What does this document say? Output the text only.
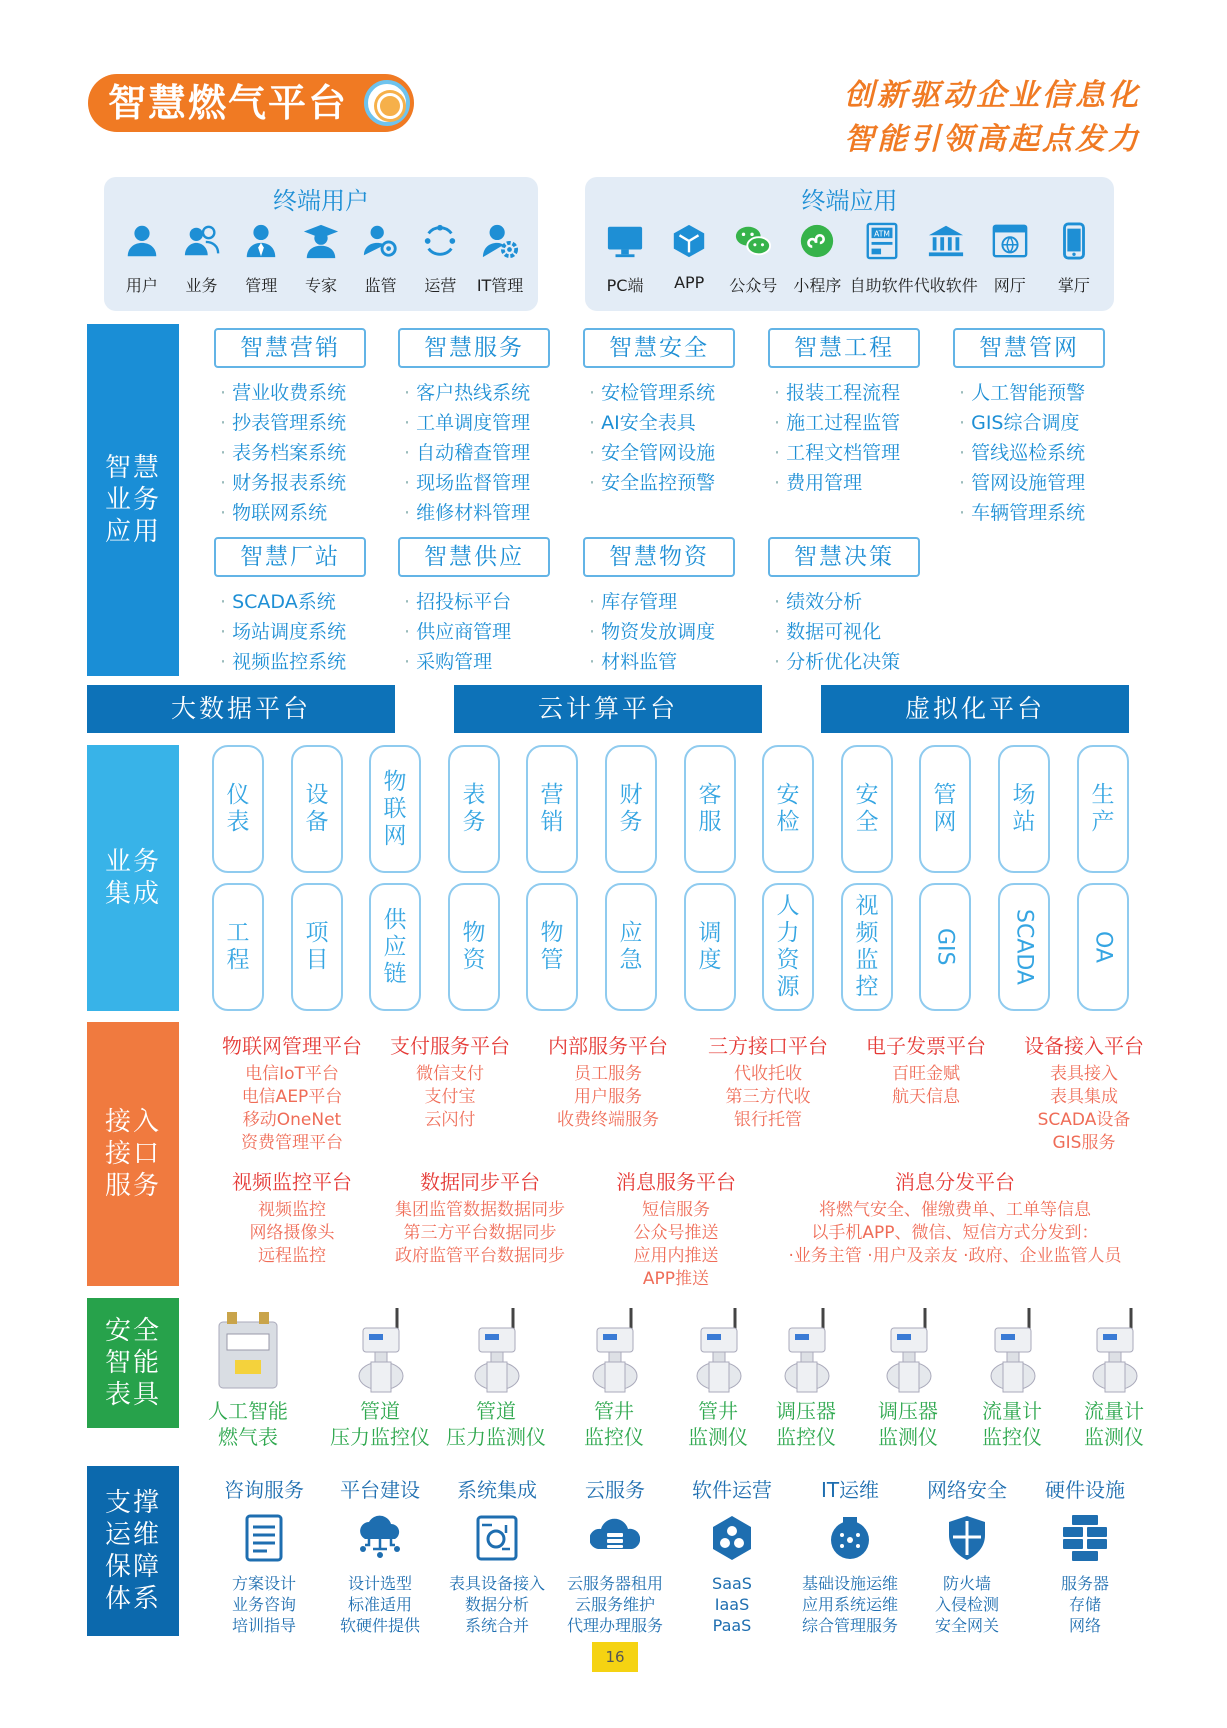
智慧燃气平台	创新驱动企业信息化
智能引领高起点发力
终端用户
用户 业务 管理 专家 监管 运营 IT管理
终端应用
PC端 APP 公众号 小程序
ATM
自助软件 代收软件 网厅 掌厅
智慧
业务
应用
智慧营销
· 营业收费系统
· 抄表管理系统
· 表务档案系统
· 财务报表系统
· 物联网系统
智慧服务
· 客户热线系统
· 工单调度管理
· 自动稽查管理
· 现场监督管理
· 维修材料管理
智慧安全
· 安检管理系统
· AI安全表具
· 安全管网设施
· 安全监控预警
智慧工程
· 报装工程流程
· 施工过程监管
· 工程文档管理
· 费用管理
智慧管网
· 人工智能预警
· GIS综合调度
· 管线巡检系统
· 管网设施管理
· 车辆管理系统
智慧厂站
· SCADA系统
· 场站调度系统
· 视频监控系统
智慧供应
· 招投标平台
· 供应商管理
· 采购管理
智慧物资
· 库存管理
· 物资发放调度
· 材料监管
智慧决策
· 绩效分析
· 数据可视化
· 分析优化决策
大数据平台	云计算平台	虚拟化平台
业务
集成
仪表
设备
物联网
表务
营销
财务
客服
安检
安全
管网
场站
生产
工程
项目
供应链
物资
物管
应急
调度
人力资源
视频监控
GIS SCADA OA
接入
接口
服务
物联网管理平台
电信IoT平台
电信AEP平台
移动OneNet
资费管理平台
支付服务平台
微信支付
支付宝
云闪付
内部服务平台
员工服务
用户服务
收费终端服务
三方接口平台
代收托收
第三方代收
银行托管
电子发票平台
百旺金赋
航天信息
设备接入平台
表具接入
表具集成
SCADA设备
GIS服务
视频监控平台
视频监控
网络摄像头
远程监控
数据同步平台
集团监管数据数据同步
第三方平台数据同步
政府监管平台数据同步
消息服务平台
短信服务
公众号推送
应用内推送
APP推送
消息分发平台
将燃气安全、催缴费单、工单等信息
以手机APP、微信、短信方式分发到：
·业务主管 ·用户及亲友 ·政府、企业监管人员
安全
智能
表具
人工智能
燃气表
管道
压力监控仪
管道
压力监测仪
管井
监控仪
管井
监测仪
调压器
监控仪
调压器
监测仪
流量计
监控仪
流量计
监测仪
支撑
运维
保障
体系
咨询服务
方案设计
业务咨询
培训指导
平台建设
设计选型
标准适用
软硬件提供
系统集成
表具设备接入
数据分析
系统合并
云服务
云服务器租用
云服务维护
代理办理服务
软件运营
SaaS
IaaS
PaaS
IT运维
基础设施运维
应用系统运维
综合管理服务
网络安全
防火墙
入侵检测
安全网关
硬件设施
服务器
存储
网络
16
